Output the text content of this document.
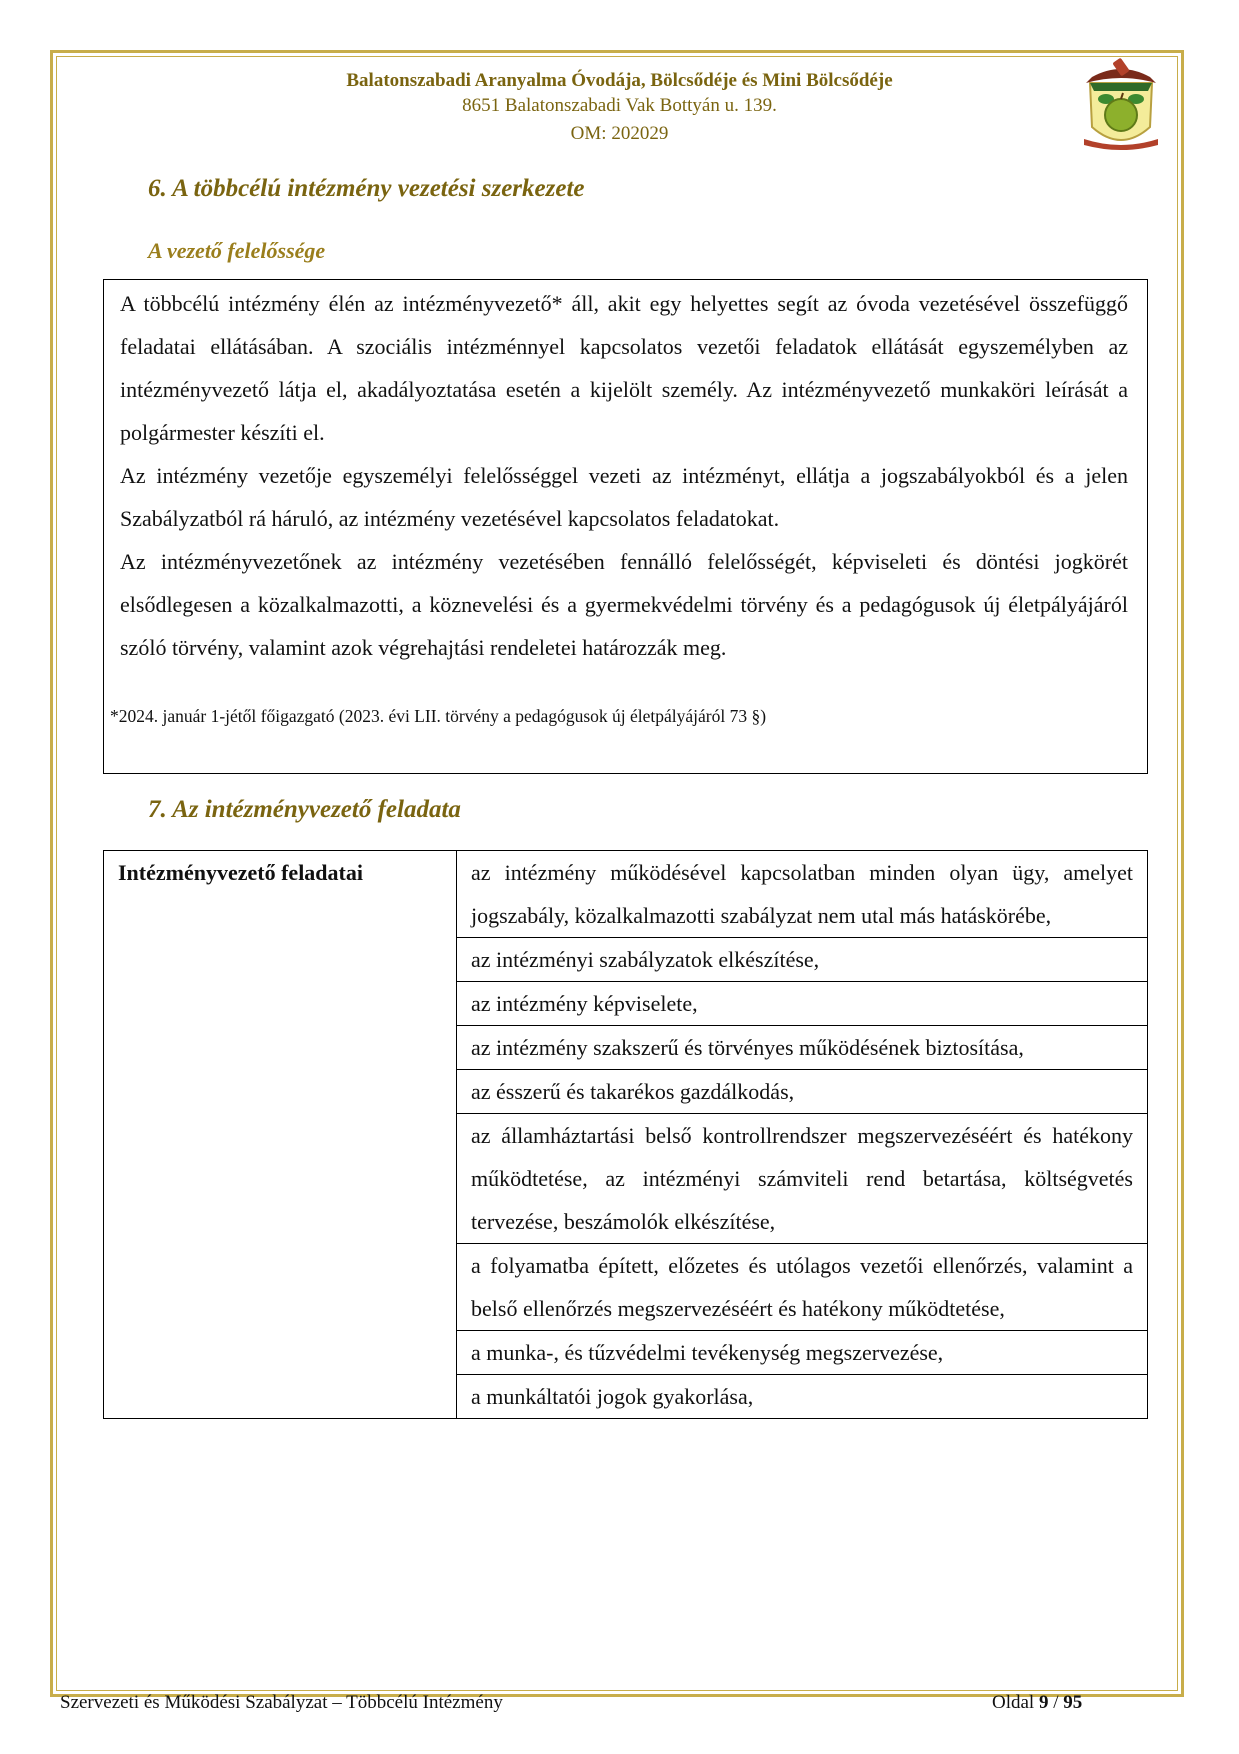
Balatonszabadi Aranyalma Óvodája, Bölcsődéje és Mini Bölcsődéje
8651 Balatonszabadi Vak Bottyán u. 139.
OM: 202029
6. A többcélú intézmény vezetési szerkezete
A vezető felelőssége

A többcélú intézmény élén az intézményvezető* áll, akit egy helyettes segít az óvoda vezetésével összefüggő feladatai ellátásában. A szociális intézménnyel kapcsolatos vezetői feladatok ellátását egyszemélyben az intézményvezető látja el, akadályoztatása esetén a kijelölt személy. Az intézményvezető munkaköri leírását a polgármester készíti el.

Az intézmény vezetője egyszemélyi felelősséggel vezeti az intézményt, ellátja a jogszabályokból és a jelen Szabályzatból rá háruló, az intézmény vezetésével kapcsolatos feladatokat.

Az intézményvezetőnek az intézmény vezetésében fennálló felelősségét, képviseleti és döntési jogkörét elsődlegesen a közalkalmazotti, a köznevelési és a gyermekvédelmi törvény és a pedagógusok új életpályájáról szóló törvény, valamint azok végrehajtási rendeletei határozzák meg.

*2024. január 1-jétől főigazgató (2023. évi LII. törvény a pedagógusok új életpályájáról 73 §)

7. Az intézményvezető feladata
Intézményvezető feladatai	az intézmény működésével kapcsolatban minden olyan ügy, amelyet jogszabály, közalkalmazotti szabályzat nem utal más hatáskörébe,
az intézményi szabályzatok elkészítése,
az intézmény képviselete,
az intézmény szakszerű és törvényes működésének biztosítása,
az ésszerű és takarékos gazdálkodás,
az államháztartási belső kontrollrendszer megszervezéséért és hatékony működtetése, az intézményi számviteli rend betartása, költségvetés tervezése, beszámolók elkészítése,
a folyamatba épített, előzetes és utólagos vezetői ellenőrzés, valamint a belső ellenőrzés megszervezéséért és hatékony működtetése,
a munka-, és tűzvédelmi tevékenység megszervezése,
a munkáltatói jogok gyakorlása,
Szervezeti és Működési Szabályzat – Többcélú Intézmény	Oldal 9 / 95
